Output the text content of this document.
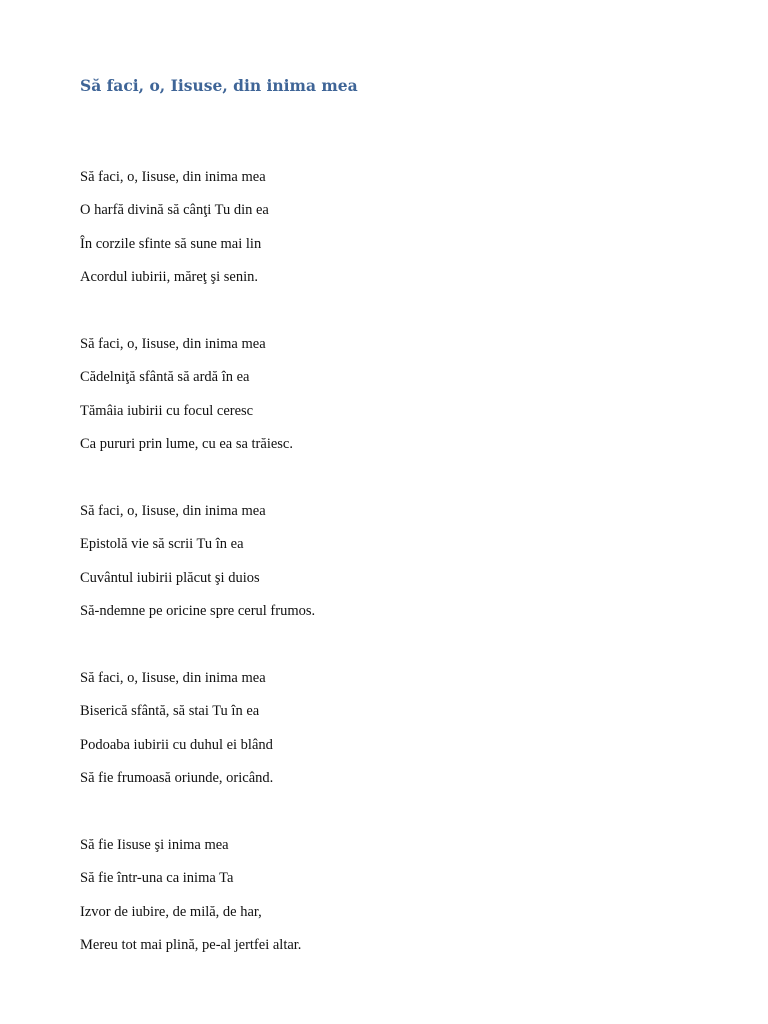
Să faci, o, Iisuse, din inima mea
Să faci, o, Iisuse, din inima mea
O harfă divină să cânţi Tu din ea
În corzile sfinte să sune mai lin
Acordul iubirii, măreţ şi senin.
Să faci, o, Iisuse, din inima mea
Cădelniţă sfântă să ardă în ea
Tămâia iubirii cu focul ceresc
Ca pururi prin lume, cu ea sa trăiesc.
Să faci, o, Iisuse, din inima mea
Epistolă vie să scrii Tu în ea
Cuvântul iubirii plăcut şi duios
Să-ndemne pe oricine spre cerul frumos.
Să faci, o, Iisuse, din inima mea
Biserică sfântă, să stai Tu în ea
Podoaba iubirii cu duhul ei blând
Să fie frumoasă oriunde, oricând.
Să fie Iisuse şi inima mea
Să fie într-una ca inima Ta
Izvor de iubire, de milă, de har,
Mereu tot mai plină, pe-al jertfei altar.
